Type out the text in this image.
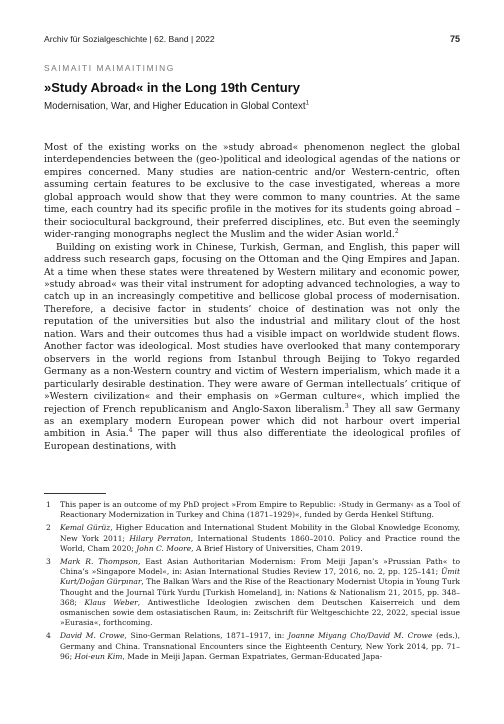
Archiv für Sozialgeschichte | 62. Band | 2022	75
SAIMAITI MAIMAITIMING
»Study Abroad« in the Long 19th Century
Modernisation, War, and Higher Education in Global Context$^1$

Most of the existing works on the »study abroad« phenomenon neglect the global interdependencies between the (geo-)political and ideological agendas of the nations or empires concerned. Many studies are nation-centric and/or Western-centric, often assuming certain features to be exclusive to the case investigated, whereas a more global approach would show that they were common to many countries. At the same time, each country had its specific profile in the motives for its students going abroad – their sociocultural background, their preferred disciplines, etc. But even the seemingly wider-ranging monographs neglect the Muslim and the wider Asian world.$^2$

Building on existing work in Chinese, Turkish, German, and English, this paper will address such research gaps, focusing on the Ottoman and the Qing Empires and Japan. At a time when these states were threatened by Western military and economic power, »study abroad« was their vital instrument for adopting advanced technologies, a way to catch up in an increasingly competitive and bellicose global process of modernisation. Therefore, a decisive factor in students’ choice of destination was not only the reputation of the universities but also the industrial and military clout of the host nation. Wars and their outcomes thus had a visible impact on worldwide student flows. Another factor was ideological. Most studies have overlooked that many contemporary observers in the world regions from Istanbul through Beijing to Tokyo regarded Germany as a non-Western country and victim of Western imperialism, which made it a particularly desirable destination. They were aware of German intellectuals’ critique of »Western civilization« and their emphasis on »German culture«, which implied the rejection of French republicanism and Anglo-Saxon liberalism.$^3$ They all saw Germany as an exemplary modern European power which did not harbour overt imperial ambition in Asia.$^4$ The paper will thus also differentiate the ideological profiles of European destinations, with

1 This paper is an outcome of my PhD project »From Empire to Republic: ›Study in Germany‹ as a Tool of Reactionary Modernization in Turkey and China (1871–1929)«, funded by Gerda Henkel Stiftung.
2 Kemal Gürüz, Higher Education and International Student Mobility in the Global Knowledge Economy, New York 2011; Hilary Perraton, International Students 1860–2010. Policy and Practice round the World, Cham 2020; John C. Moore, A Brief History of Universities, Cham 2019.
3 Mark R. Thompson, East Asian Authoritarian Modernism: From Meiji Japan’s »Prussian Path« to China’s »Singapore Model«, in: Asian International Studies Review 17, 2016, no. 2, pp. 125–141; Ümit Kurt/Doğan Gürpınar, The Balkan Wars and the Rise of the Reactionary Modernist Utopia in Young Turk Thought and the Journal Türk Yurdu [Turkish Homeland], in: Nations & Nationalism 21, 2015, pp. 348–368; Klaus Weber, Antiwestliche Ideologien zwischen dem Deutschen Kaiserreich und dem osmanischen sowie dem ostasiatischen Raum, in: Zeitschrift für Weltgeschichte 22, 2022, special issue »Eurasia«, forthcoming.
4 David M. Crowe, Sino-German Relations, 1871–1917, in: Joanne Miyang Cho/David M. Crowe (eds.), Germany and China. Transnational Encounters since the Eighteenth Century, New York 2014, pp. 71–96; Hoi-eun Kim, Made in Meiji Japan. German Expatriates, German-Educated Japa-
